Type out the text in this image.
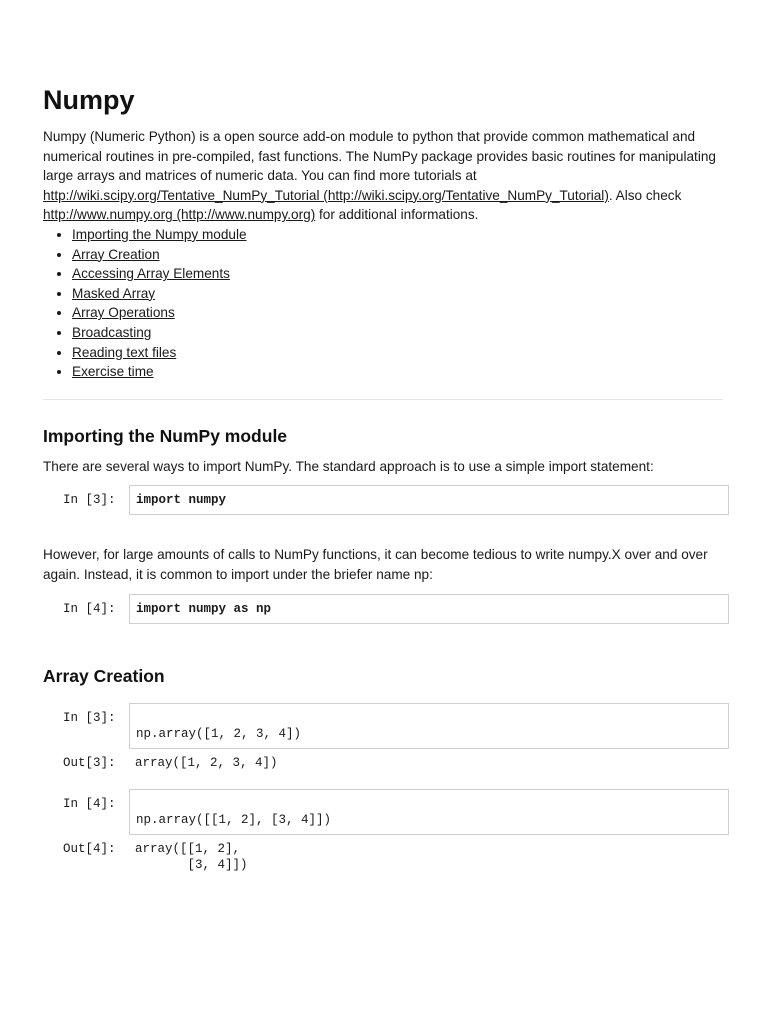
Numpy

Numpy (Numeric Python) is a open source add-on module to python that provide common mathematical and numerical routines in pre-compiled, fast functions. The NumPy package provides basic routines for manipulating large arrays and matrices of numeric data. You can find more tutorials at http://wiki.scipy.org/Tentative_NumPy_Tutorial (http://wiki.scipy.org/Tentative_NumPy_Tutorial). Also check http://www.numpy.org (http://www.numpy.org) for additional informations.

Importing the Numpy module
Array Creation
Accessing Array Elements
Masked Array
Array Operations
Broadcasting
Reading text files
Exercise time
Importing the NumPy module

There are several ways to import NumPy. The standard approach is to use a simple import statement:

In [3]:	import numpy

However, for large amounts of calls to NumPy functions, it can become tedious to write numpy.X over and over again. Instead, it is common to import under the briefer name np:

In [4]:	import numpy as np
Array Creation
In [3]:
np.array([1, 2, 3, 4])
Out[3]:	array([1, 2, 3, 4])
In [4]:
np.array([[1, 2], [3, 4]])
Out[4]:	array([[1, 2],
[3, 4]])
